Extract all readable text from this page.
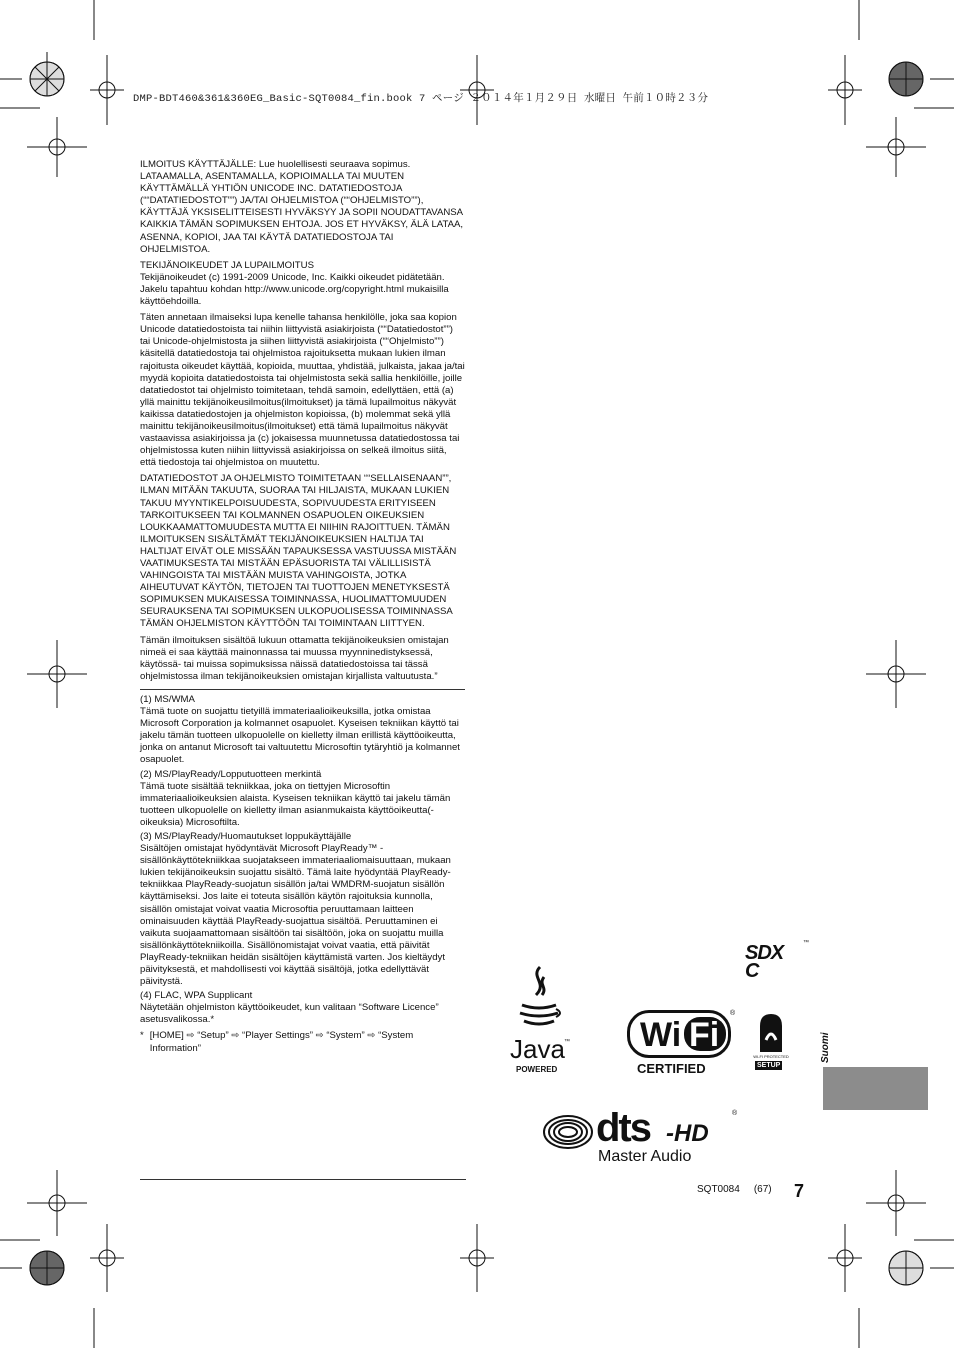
DMP-BDT460&361&360EG_Basic-SQT0084_fin.book 7 ページ ２０１４年１月２９日 水曜日 午前１０時２３分

ILMOITUS KÄYTTÄJÄLLE: Lue huolellisesti seuraava sopimus. LATAAMALLA, ASENTAMALLA, KOPIOIMALLA TAI MUUTEN KÄYTTÄMÄLLÄ YHTIÖN UNICODE INC. DATATIEDOSTOJA (““DATATIEDOSTOT””) JA/TAI OHJELMISTOA (““OHJELMISTO””), KÄYTTÄJÄ YKSISELITTEISESTI HYVÄKSYY JA SOPII NOUDATTAVANSA KAIKKIA TÄMÄN SOPIMUKSEN EHTOJA. JOS ET HYVÄKSY, ÄLÄ LATAA, ASENNA, KOPIOI, JAA TAI KÄYTÄ DATATIEDOSTOJA TAI OHJELMISTOA.

TEKIJÄNOIKEUDET JA LUPAILMOITUS

Tekijänoikeudet (c) 1991-2009 Unicode, Inc. Kaikki oikeudet pidätetään. Jakelu tapahtuu kohdan http://www.unicode.org/copyright.html mukaisilla käyttöehdoilla.

Täten annetaan ilmaiseksi lupa kenelle tahansa henkilölle, joka saa kopion Unicode datatiedostoista tai niihin liittyvistä asiakirjoista (““Datatiedostot””) tai Unicode-ohjelmistosta ja siihen liittyvistä asiakirjoista (““Ohjelmisto””) käsitellä datatiedostoja tai ohjelmistoa rajoituksetta mukaan lukien ilman rajoitusta oikeudet käyttää, kopioida, muuttaa, yhdistää, julkaista, jakaa ja/tai myydä kopioita datatiedostoista tai ohjelmistosta sekä sallia henkilöille, joille datatiedostot tai ohjelmisto toimitetaan, tehdä samoin, edellyttäen, että (a) yllä mainittu tekijänoikeusilmoitus(ilmoitukset) ja tämä lupailmoitus näkyvät kaikissa datatiedostojen ja ohjelmiston kopioissa, (b) molemmat sekä yllä mainittu tekijänoikeusilmoitus(ilmoitukset) että tämä lupailmoitus näkyvät vastaavissa asiakirjoissa ja (c) jokaisessa muunnetussa datatiedostossa tai ohjelmistossa kuten niihin liittyvissä asiakirjoissa on selkeä ilmoitus siitä, että tiedostoja tai ohjelmistoa on muutettu.

DATATIEDOSTOT JA OHJELMISTO TOIMITETAAN ““SELLAISENAAN””, ILMAN MITÄÄN TAKUUTA, SUORAA TAI HILJAISTA, MUKAAN LUKIEN TAKUU MYYNTIKELPOISUUDESTA, SOPIVUUDESTA ERITYISEEN TARKOITUKSEEN TAI KOLMANNEN OSAPUOLEN OIKEUKSIEN LOUKKAAMATTOMUUDESTA MUTTA EI NIIHIN RAJOITTUEN. TÄMÄN ILMOITUKSEN SISÄLTÄMÄT TEKIJÄNOIKEUKSIEN HALTIJA TAI HALTIJAT EIVÄT OLE MISSÄÄN TAPAUKSESSA VASTUUSSA MISTÄÄN VAATIMUKSESTA TAI MISTÄÄN EPÄSUORISTA TAI VÄLILLISISTÄ VAHINGOISTA TAI MISTÄÄN MUISTA VAHINGOISTA, JOTKA AIHEUTUVAT KÄYTÖN, TIETOJEN TAI TUOTTOJEN MENETYKSESTÄ SOPIMUKSEN MUKAISESSA TOIMINNASSA, HUOLIMATTOMUUDEN SEURAUKSENA TAI SOPIMUKSEN ULKOPUOLISESSA TOIMINNASSA TÄMÄN OHJELMISTON KÄYTTÖÖN TAI TOIMINTAAN LIITTYEN.

Tämän ilmoituksen sisältöä lukuun ottamatta tekijänoikeuksien omistajan nimeä ei saa käyttää mainonnassa tai muussa myynninedistyksessä, käytössä- tai muissa sopimuksissa näissä datatiedostoissa tai tässä ohjelmistossa ilman tekijänoikeuksien omistajan kirjallista valtuutusta.”

(1) MS/WMA
Tämä tuote on suojattu tietyillä immateriaalioikeuksilla, jotka omistaa Microsoft Corporation ja kolmannet osapuolet. Kyseisen tekniikan käyttö tai jakelu tämän tuotteen ulkopuolelle on kielletty ilman erillistä käyttöoikeutta, jonka on antanut Microsoft tai valtuutettu Microsoftin tytäryhtiö ja kolmannet osapuolet.
(2) MS/PlayReady/Lopputuotteen merkintä
Tämä tuote sisältää tekniikkaa, joka on tiettyjen Microsoftin immateriaalioikeuksien alaista. Kyseisen tekniikan käyttö tai jakelu tämän tuotteen ulkopuolelle on kielletty ilman asianmukaista käyttöoikeutta(-oikeuksia) Microsoftilta.
(3) MS/PlayReady/Huomautukset loppukäyttäjälle
Sisältöjen omistajat hyödyntävät Microsoft PlayReady™ -sisällönkäyttötekniikkaa suojatakseen immateriaaliomaisuuttaan, mukaan lukien tekijänoikeuksin suojattu sisältö. Tämä laite hyödyntää PlayReady-tekniikkaa PlayReady-suojatun sisällön ja/tai WMDRM-suojatun sisällön käyttämiseksi. Jos laite ei toteuta sisällön käytön rajoituksia kunnolla, sisällön omistajat voivat vaatia Microsoftia peruuttamaan laitteen ominaisuuden käyttää PlayReady-suojattua sisältöä. Peruuttaminen ei vaikuta suojaamattomaan sisältöön tai sisältöön, joka on suojattu muilla sisällönkäyttötekniikoilla. Sisällönomistajat voivat vaatia, että päivität PlayReady-tekniikan heidän sisältöjen käyttämistä varten. Jos kieltäydyt päivityksestä, et mahdollisesti voi käyttää sisältöjä, jotka edellyttävät päivitystä.
(4) FLAC, WPA Supplicant
Näytetään ohjelmiston käyttöoikeudet, kun valitaan “Software Licence” asetusvalikossa.*
* [HOME] ⇨ “Setup” ⇨ “Player Settings” ⇨ “System” ⇨ “System Information”
SDXC
™
Java ™
POWERED
Wi Fi
®
CERTIFIED
WI-FI PROTECTED
SETUP
dts -HD
®
Master Audio
Suomi
SQT0084 (67)	7
